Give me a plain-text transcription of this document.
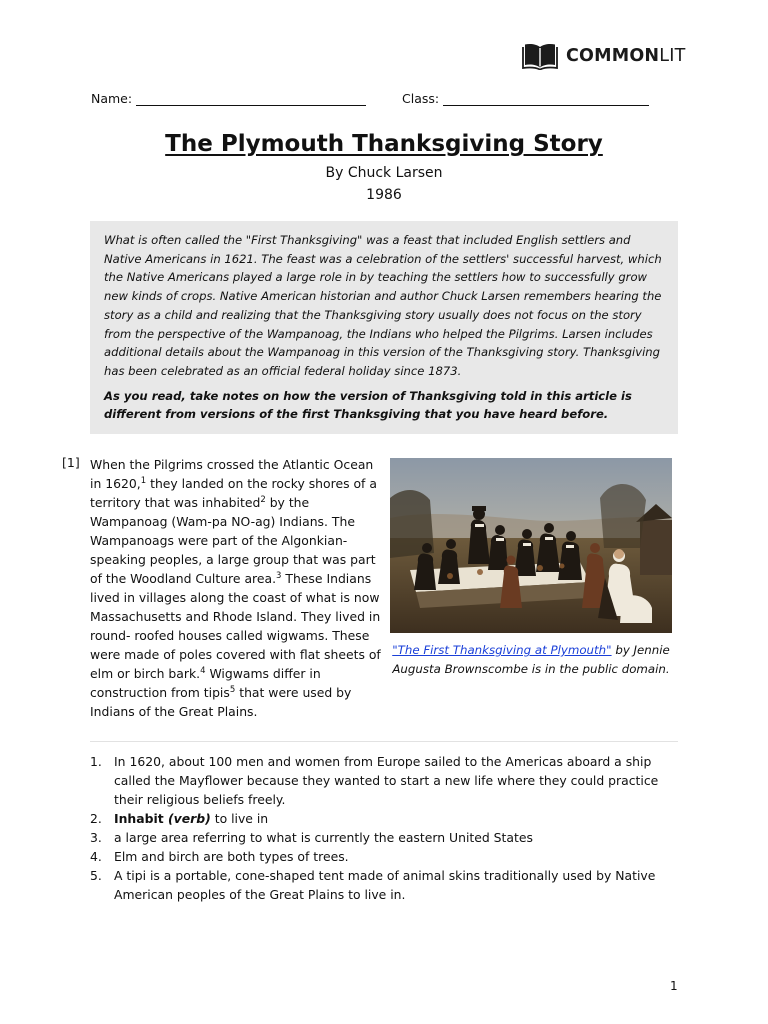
COMMONLIT
Name:	Class:
The Plymouth Thanksgiving Story
By Chuck Larsen
1986

What is often called the "First Thanksgiving" was a feast that included English settlers and Native Americans in 1621. The feast was a celebration of the settlers' successful harvest, which the Native Americans played a large role in by teaching the settlers how to successfully grow new kinds of crops. Native American historian and author Chuck Larsen remembers hearing the story as a child and realizing that the Thanksgiving story usually does not focus on the story from the perspective of the Wampanoag, the Indians who helped the Pilgrims. Larsen includes additional details about the Wampanoag in this version of the Thanksgiving story. Thanksgiving has been celebrated as an official federal holiday since 1873.

As you read, take notes on how the version of Thanksgiving told in this article is different from versions of the first Thanksgiving that you have heard before.

[1] When the Pilgrims crossed the Atlantic Ocean in 1620,$^1$ they landed on the rocky shores of a territory that was inhabited$^2$ by the Wampanoag (Wam-pa NO-ag) Indians. The Wampanoags were part of the Algonkian-speaking peoples, a large group that was part of the Woodland Culture area.$^3$ These Indians lived in villages along the coast of what is now Massachusetts and Rhode Island. They lived in round- roofed houses called wigwams. These were made of poles covered with flat sheets of elm or birch bark.$^4$ Wigwams differ in construction from tipis$^5$ that were used by Indians of the Great Plains.

"The First Thanksgiving at Plymouth" by Jennie Augusta Brownscombe is in the public domain.
1. In 1620, about 100 men and women from Europe sailed to the Americas aboard a ship called the Mayflower because they wanted to start a new life where they could practice their religious beliefs freely.
2. Inhabit (verb) to live in
3. a large area referring to what is currently the eastern United States
4. Elm and birch are both types of trees.
5. A tipi is a portable, cone-shaped tent made of animal skins traditionally used by Native American peoples of the Great Plains to live in.
1
